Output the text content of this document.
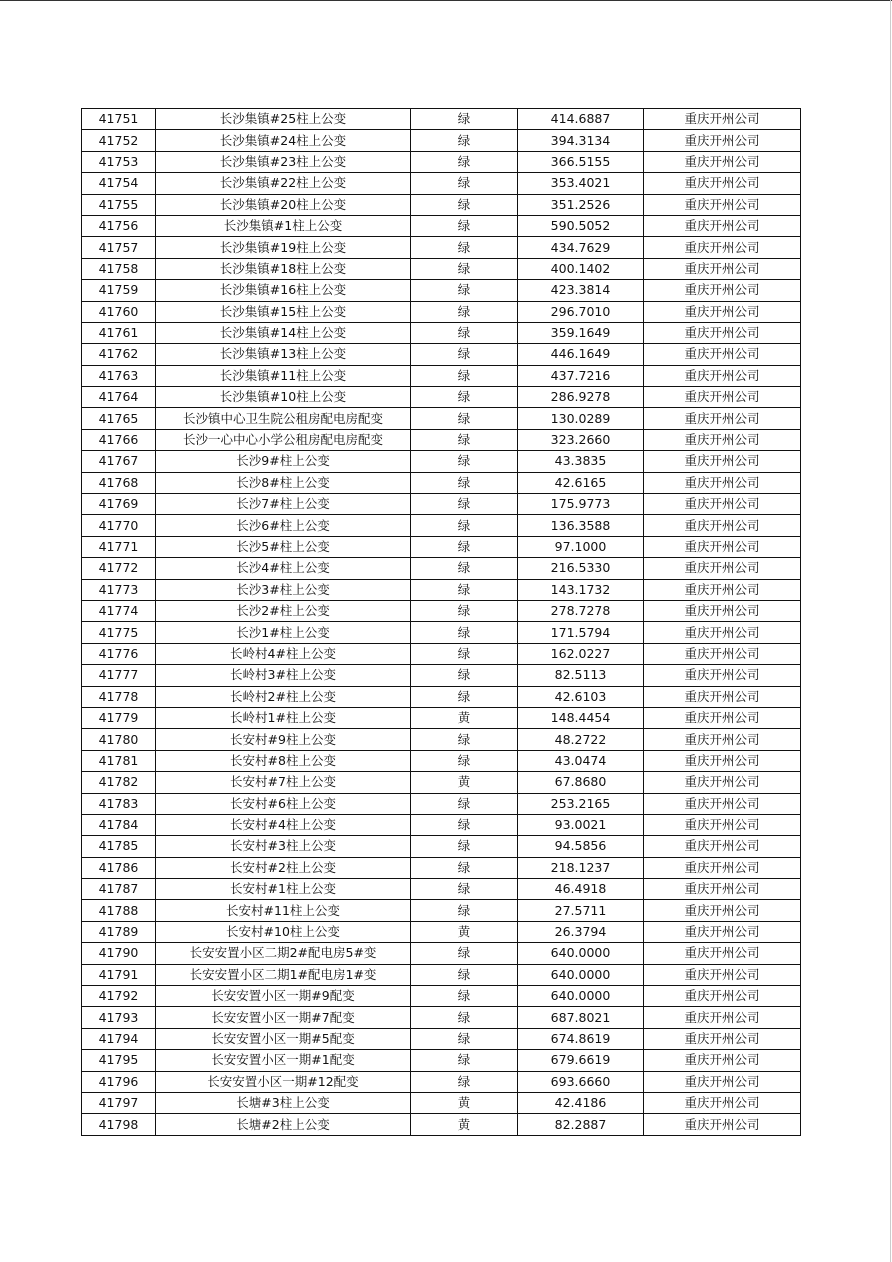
41751	长沙集镇#25柱上公变	绿	414.6887	重庆开州公司
41752	长沙集镇#24柱上公变	绿	394.3134	重庆开州公司
41753	长沙集镇#23柱上公变	绿	366.5155	重庆开州公司
41754	长沙集镇#22柱上公变	绿	353.4021	重庆开州公司
41755	长沙集镇#20柱上公变	绿	351.2526	重庆开州公司
41756	长沙集镇#1柱上公变	绿	590.5052	重庆开州公司
41757	长沙集镇#19柱上公变	绿	434.7629	重庆开州公司
41758	长沙集镇#18柱上公变	绿	400.1402	重庆开州公司
41759	长沙集镇#16柱上公变	绿	423.3814	重庆开州公司
41760	长沙集镇#15柱上公变	绿	296.7010	重庆开州公司
41761	长沙集镇#14柱上公变	绿	359.1649	重庆开州公司
41762	长沙集镇#13柱上公变	绿	446.1649	重庆开州公司
41763	长沙集镇#11柱上公变	绿	437.7216	重庆开州公司
41764	长沙集镇#10柱上公变	绿	286.9278	重庆开州公司
41765	长沙镇中心卫生院公租房配电房配变	绿	130.0289	重庆开州公司
41766	长沙一心中心小学公租房配电房配变	绿	323.2660	重庆开州公司
41767	长沙9#柱上公变	绿	43.3835	重庆开州公司
41768	长沙8#柱上公变	绿	42.6165	重庆开州公司
41769	长沙7#柱上公变	绿	175.9773	重庆开州公司
41770	长沙6#柱上公变	绿	136.3588	重庆开州公司
41771	长沙5#柱上公变	绿	97.1000	重庆开州公司
41772	长沙4#柱上公变	绿	216.5330	重庆开州公司
41773	长沙3#柱上公变	绿	143.1732	重庆开州公司
41774	长沙2#柱上公变	绿	278.7278	重庆开州公司
41775	长沙1#柱上公变	绿	171.5794	重庆开州公司
41776	长岭村4#柱上公变	绿	162.0227	重庆开州公司
41777	长岭村3#柱上公变	绿	82.5113	重庆开州公司
41778	长岭村2#柱上公变	绿	42.6103	重庆开州公司
41779	长岭村1#柱上公变	黄	148.4454	重庆开州公司
41780	长安村#9柱上公变	绿	48.2722	重庆开州公司
41781	长安村#8柱上公变	绿	43.0474	重庆开州公司
41782	长安村#7柱上公变	黄	67.8680	重庆开州公司
41783	长安村#6柱上公变	绿	253.2165	重庆开州公司
41784	长安村#4柱上公变	绿	93.0021	重庆开州公司
41785	长安村#3柱上公变	绿	94.5856	重庆开州公司
41786	长安村#2柱上公变	绿	218.1237	重庆开州公司
41787	长安村#1柱上公变	绿	46.4918	重庆开州公司
41788	长安村#11柱上公变	绿	27.5711	重庆开州公司
41789	长安村#10柱上公变	黄	26.3794	重庆开州公司
41790	长安安置小区二期2#配电房5#变	绿	640.0000	重庆开州公司
41791	长安安置小区二期1#配电房1#变	绿	640.0000	重庆开州公司
41792	长安安置小区一期#9配变	绿	640.0000	重庆开州公司
41793	长安安置小区一期#7配变	绿	687.8021	重庆开州公司
41794	长安安置小区一期#5配变	绿	674.8619	重庆开州公司
41795	长安安置小区一期#1配变	绿	679.6619	重庆开州公司
41796	长安安置小区一期#12配变	绿	693.6660	重庆开州公司
41797	长塘#3柱上公变	黄	42.4186	重庆开州公司
41798	长塘#2柱上公变	黄	82.2887	重庆开州公司
